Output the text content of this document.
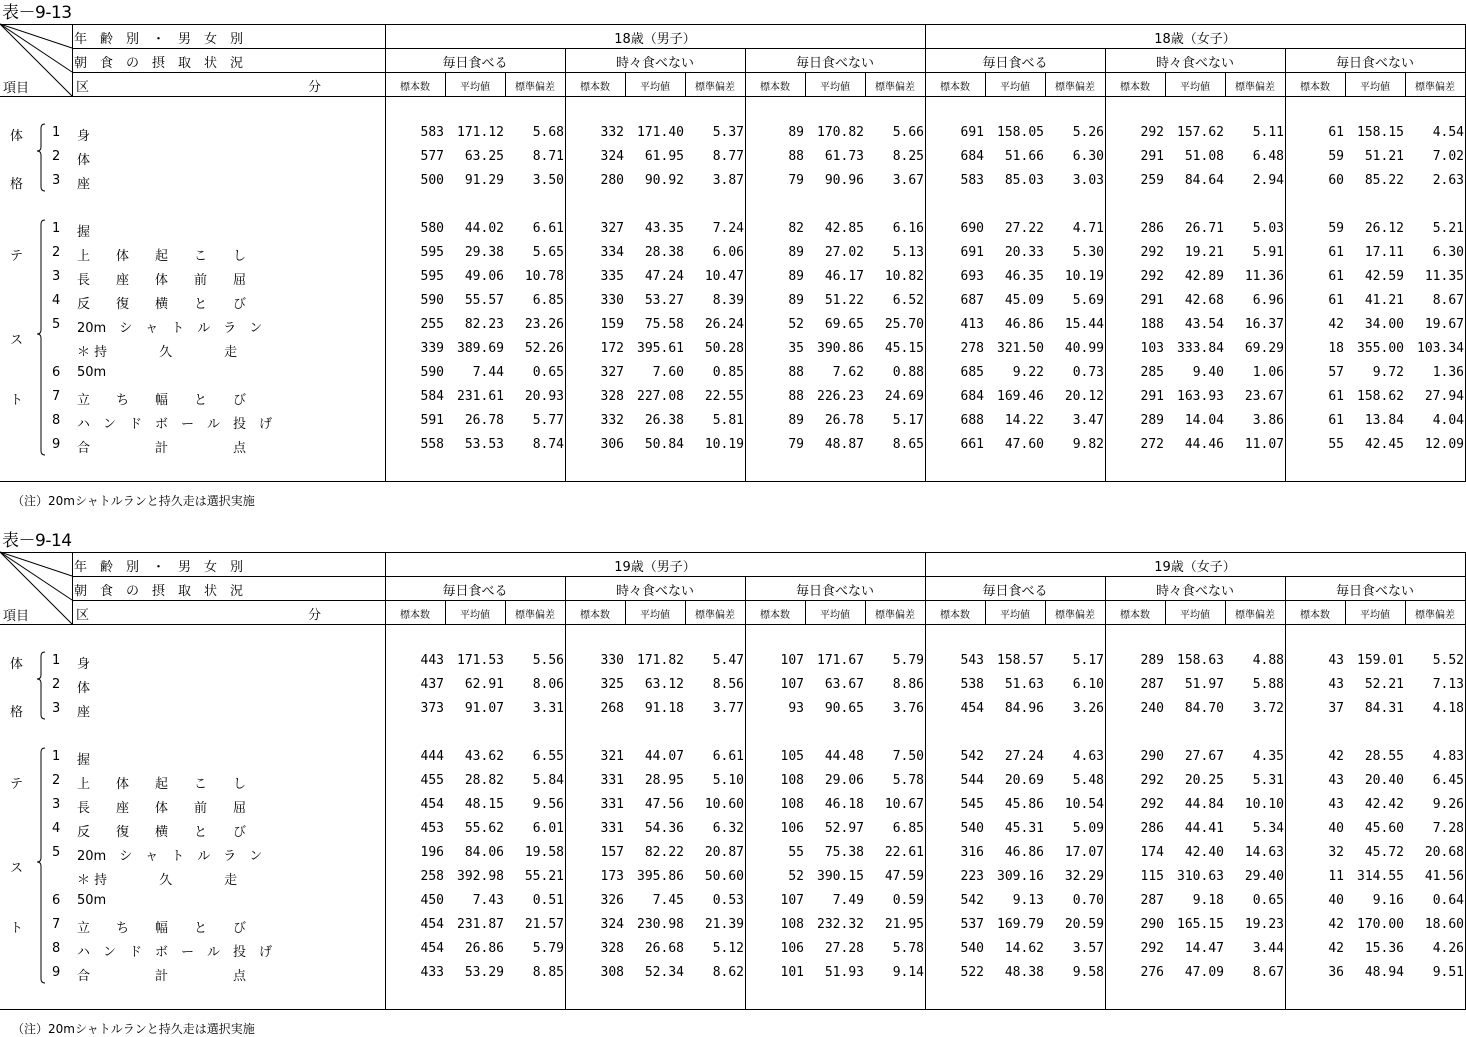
表－9-13
年　齢　別　・　男　女　別
朝　食　の　摂　取　状　況
区	分
項目
18歳（男子）	18歳（女子）
毎日食べる
標本数	平均値	標準偏差
時々食べない
標本数	平均値	標準偏差
毎日食べない
標本数	平均値	標準偏差
毎日食べる
標本数	平均値	標準偏差
時々食べない
標本数	平均値	標準偏差
毎日食べない
標本数	平均値	標準偏差
体
格
テ
ス
ト
1 身	583	171.12	5.68	332	171.40	5.37	89	170.82	5.66	691	158.05	5.26	292	157.62	5.11	61	158.15	4.54
2 体	577	63.25	8.71	324	61.95	8.77	88	61.73	8.25	684	51.66	6.30	291	51.08	6.48	59	51.21	7.02
3 座	500	91.29	3.50	280	90.92	3.87	79	90.96	3.67	583	85.03	3.03	259	84.64	2.94	60	85.22	2.63
1 握	580	44.02	6.61	327	43.35	7.24	82	42.85	6.16	690	27.22	4.71	286	26.71	5.03	59	26.12	5.21
2 上　　体　　起　　こ　　し	595	29.38	5.65	334	28.38	6.06	89	27.02	5.13	691	20.33	5.30	292	19.21	5.91	61	17.11	6.30
3 長　　座　　体　　前　　屈	595	49.06	10.78	335	47.24	10.47	89	46.17	10.82	693	46.35	10.19	292	42.89	11.36	61	42.59	11.35
4 反　　復　　横　　と　　び	590	55.57	6.85	330	53.27	8.39	89	51.22	6.52	687	45.09	5.69	291	42.68	6.96	61	41.21	8.67
5 20m　シ　ャ　ト　ル　ラ　ン	255	82.23	23.26	159	75.58	26.24	52	69.65	25.70	413	46.86	15.44	188	43.54	16.37	42	34.00	19.67
＊ 持　　　　久　　　　走	339	389.69	52.26	172	395.61	50.28	35	390.86	45.15	278	321.50	40.99	103	333.84	69.29	18	355.00	103.34
6 50m	590	7.44	0.65	327	7.60	0.85	88	7.62	0.88	685	9.22	0.73	285	9.40	1.06	57	9.72	1.36
7 立　　ち　　幅　　と　　び	584	231.61	20.93	328	227.08	22.55	88	226.23	24.69	684	169.46	20.12	291	163.93	23.67	61	158.62	27.94
8 ハ　ン　ド　ボ　ー　ル　投　げ	591	26.78	5.77	332	26.38	5.81	89	26.78	5.17	688	14.22	3.47	289	14.04	3.86	61	13.84	4.04
9 合　　　　　計　　　　　点	558	53.53	8.74	306	50.84	10.19	79	48.87	8.65	661	47.60	9.82	272	44.46	11.07	55	42.45	12.09
（注）20mシャトルランと持久走は選択実施
表－9-14
年　齢　別　・　男　女　別
朝　食　の　摂　取　状　況
区	分
項目
19歳（男子）	19歳（女子）
毎日食べる
標本数	平均値	標準偏差
時々食べない
標本数	平均値	標準偏差
毎日食べない
標本数	平均値	標準偏差
毎日食べる
標本数	平均値	標準偏差
時々食べない
標本数	平均値	標準偏差
毎日食べない
標本数	平均値	標準偏差
体
格
テ
ス
ト
1 身	443	171.53	5.56	330	171.82	5.47	107	171.67	5.79	543	158.57	5.17	289	158.63	4.88	43	159.01	5.52
2 体	437	62.91	8.06	325	63.12	8.56	107	63.67	8.86	538	51.63	6.10	287	51.97	5.88	43	52.21	7.13
3 座	373	91.07	3.31	268	91.18	3.77	93	90.65	3.76	454	84.96	3.26	240	84.70	3.72	37	84.31	4.18
1 握	444	43.62	6.55	321	44.07	6.61	105	44.48	7.50	542	27.24	4.63	290	27.67	4.35	42	28.55	4.83
2 上　　体　　起　　こ　　し	455	28.82	5.84	331	28.95	5.10	108	29.06	5.78	544	20.69	5.48	292	20.25	5.31	43	20.40	6.45
3 長　　座　　体　　前　　屈	454	48.15	9.56	331	47.56	10.60	108	46.18	10.67	545	45.86	10.54	292	44.84	10.10	43	42.42	9.26
4 反　　復　　横　　と　　び	453	55.62	6.01	331	54.36	6.32	106	52.97	6.85	540	45.31	5.09	286	44.41	5.34	40	45.60	7.28
5 20m　シ　ャ　ト　ル　ラ　ン	196	84.06	19.58	157	82.22	20.87	55	75.38	22.61	316	46.86	17.07	174	42.40	14.63	32	45.72	20.68
＊ 持　　　　久　　　　走	258	392.98	55.21	173	395.86	50.60	52	390.15	47.59	223	309.16	32.29	115	310.63	29.40	11	314.55	41.56
6 50m	450	7.43	0.51	326	7.45	0.53	107	7.49	0.59	542	9.13	0.70	287	9.18	0.65	40	9.16	0.64
7 立　　ち　　幅　　と　　び	454	231.87	21.57	324	230.98	21.39	108	232.32	21.95	537	169.79	20.59	290	165.15	19.23	42	170.00	18.60
8 ハ　ン　ド　ボ　ー　ル　投　げ	454	26.86	5.79	328	26.68	5.12	106	27.28	5.78	540	14.62	3.57	292	14.47	3.44	42	15.36	4.26
9 合　　　　　計　　　　　点	433	53.29	8.85	308	52.34	8.62	101	51.93	9.14	522	48.38	9.58	276	47.09	8.67	36	48.94	9.51
（注）20mシャトルランと持久走は選択実施
